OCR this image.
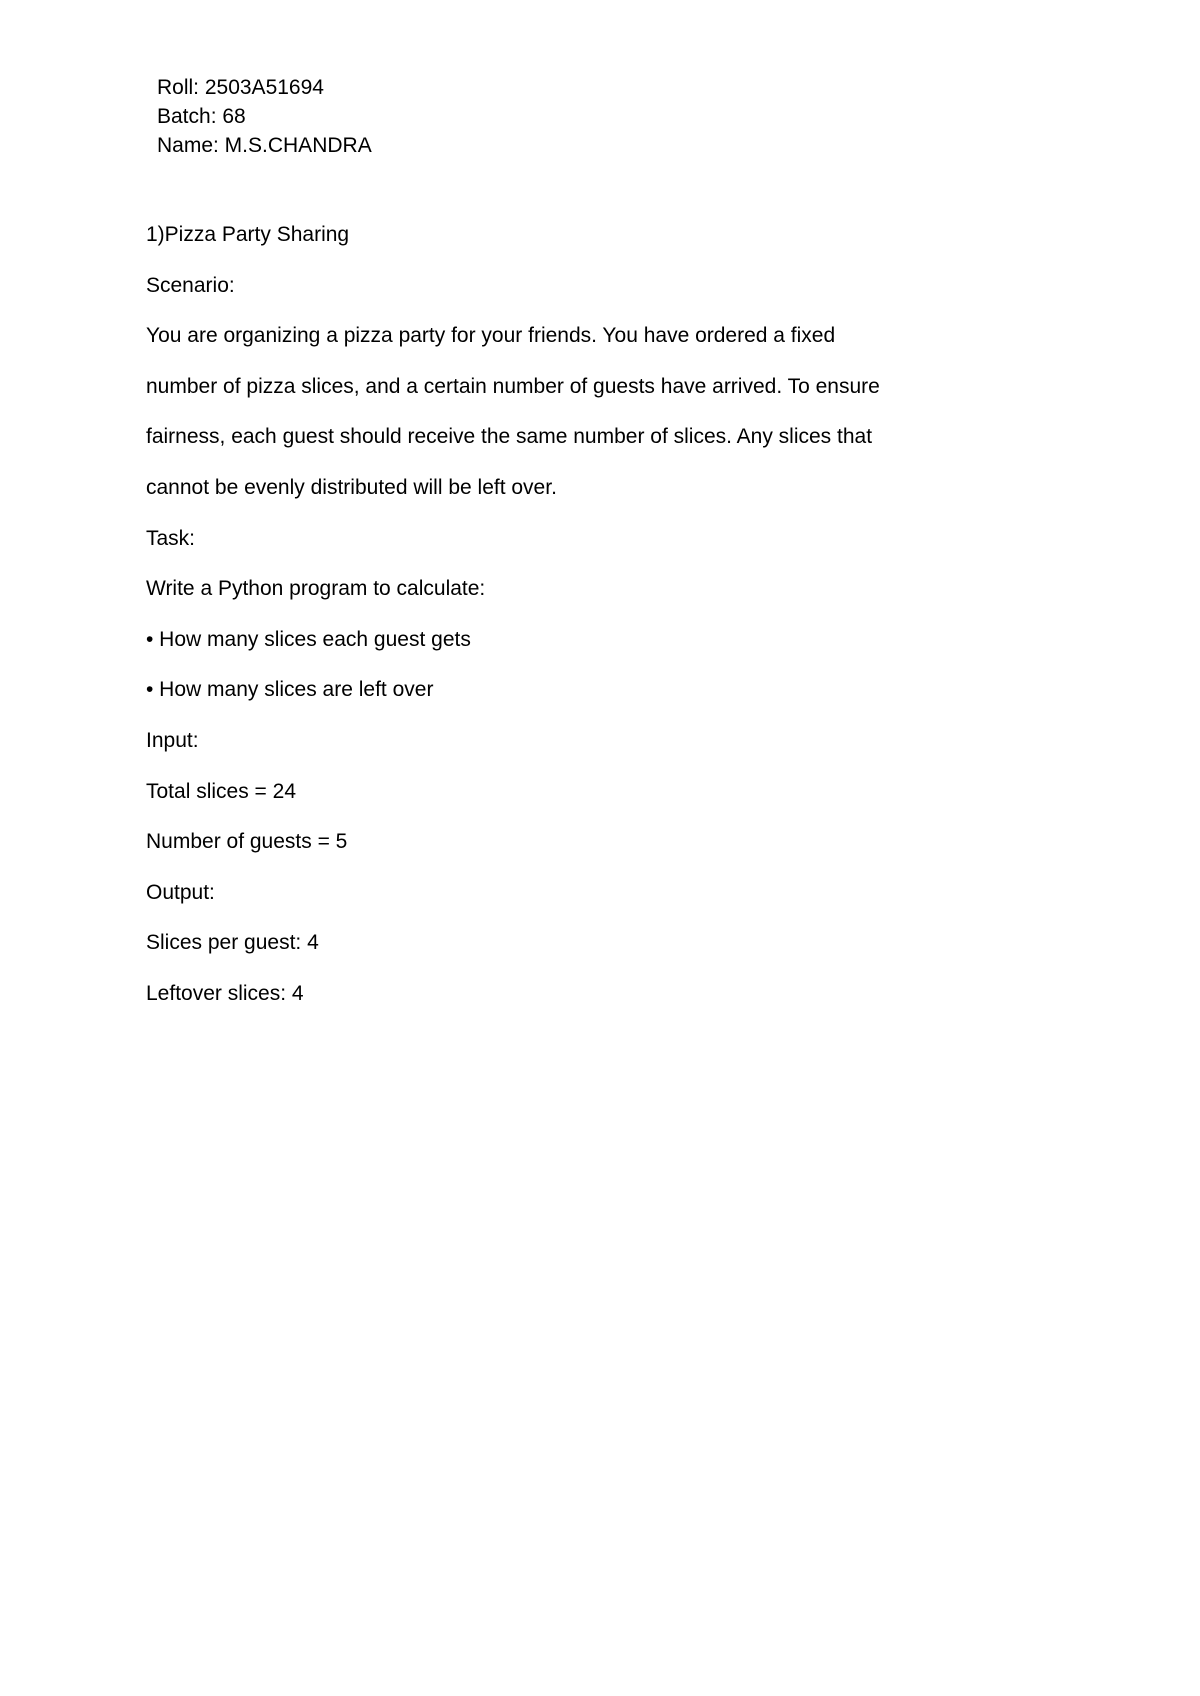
Roll: 2503A51694
Batch: 68
Name: M.S.CHANDRA
1)Pizza Party Sharing
Scenario:
You are organizing a pizza party for your friends. You have ordered a fixed
number of pizza slices, and a certain number of guests have arrived. To ensure
fairness, each guest should receive the same number of slices. Any slices that
cannot be evenly distributed will be left over.
Task:
Write a Python program to calculate:
• How many slices each guest gets
• How many slices are left over
Input:
Total slices = 24
Number of guests = 5
Output:
Slices per guest: 4
Leftover slices: 4
